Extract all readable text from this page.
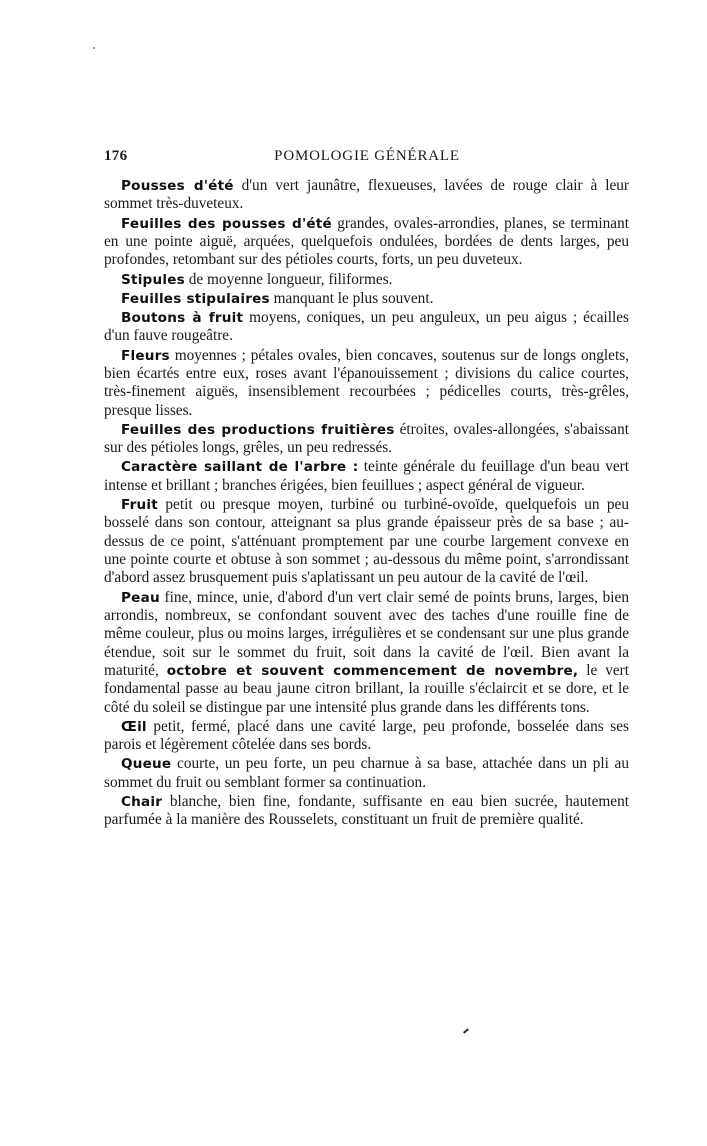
176	POMOLOGIE GÉNÉRALE

Pousses d'été d'un vert jaunâtre, flexueuses, lavées de rouge clair à leur sommet très-duveteux.

Feuilles des pousses d'été grandes, ovales-arrondies, planes, se terminant en une pointe aiguë, arquées, quelquefois ondulées, bordées de dents larges, peu profondes, retombant sur des pétioles courts, forts, un peu duveteux.

Stipules de moyenne longueur, filiformes.

Feuilles stipulaires manquant le plus souvent.

Boutons à fruit moyens, coniques, un peu anguleux, un peu aigus ; écailles d'un fauve rougeâtre.

Fleurs moyennes ; pétales ovales, bien concaves, soutenus sur de longs onglets, bien écartés entre eux, roses avant l'épanouissement ; divisions du calice courtes, très-finement aiguës, insensiblement recourbées ; pédicelles courts, très-grêles, presque lisses.

Feuilles des productions fruitières étroites, ovales-allongées, s'abaissant sur des pétioles longs, grêles, un peu redressés.

Caractère saillant de l'arbre : teinte générale du feuillage d'un beau vert intense et brillant ; branches érigées, bien feuillues ; aspect général de vigueur.

Fruit petit ou presque moyen, turbiné ou turbiné-ovoïde, quelquefois un peu bosselé dans son contour, atteignant sa plus grande épaisseur près de sa base ; au-dessus de ce point, s'atténuant promptement par une courbe largement convexe en une pointe courte et obtuse à son sommet ; au-dessous du même point, s'arrondissant d'abord assez brusquement puis s'aplatissant un peu autour de la cavité de l'œil.

Peau fine, mince, unie, d'abord d'un vert clair semé de points bruns, larges, bien arrondis, nombreux, se confondant souvent avec des taches d'une rouille fine de même couleur, plus ou moins larges, irrégulières et se condensant sur une plus grande étendue, soit sur le sommet du fruit, soit dans la cavité de l'œil. Bien avant la maturité, octobre et souvent commencement de novembre, le vert fondamental passe au beau jaune citron brillant, la rouille s'éclaircit et se dore, et le côté du soleil se distingue par une intensité plus grande dans les différents tons.

Œil petit, fermé, placé dans une cavité large, peu profonde, bosselée dans ses parois et légèrement côtelée dans ses bords.

Queue courte, un peu forte, un peu charnue à sa base, attachée dans un pli au sommet du fruit ou semblant former sa continuation.

Chair blanche, bien fine, fondante, suffisante en eau bien sucrée, hautement parfumée à la manière des Rousselets, constituant un fruit de première qualité.
